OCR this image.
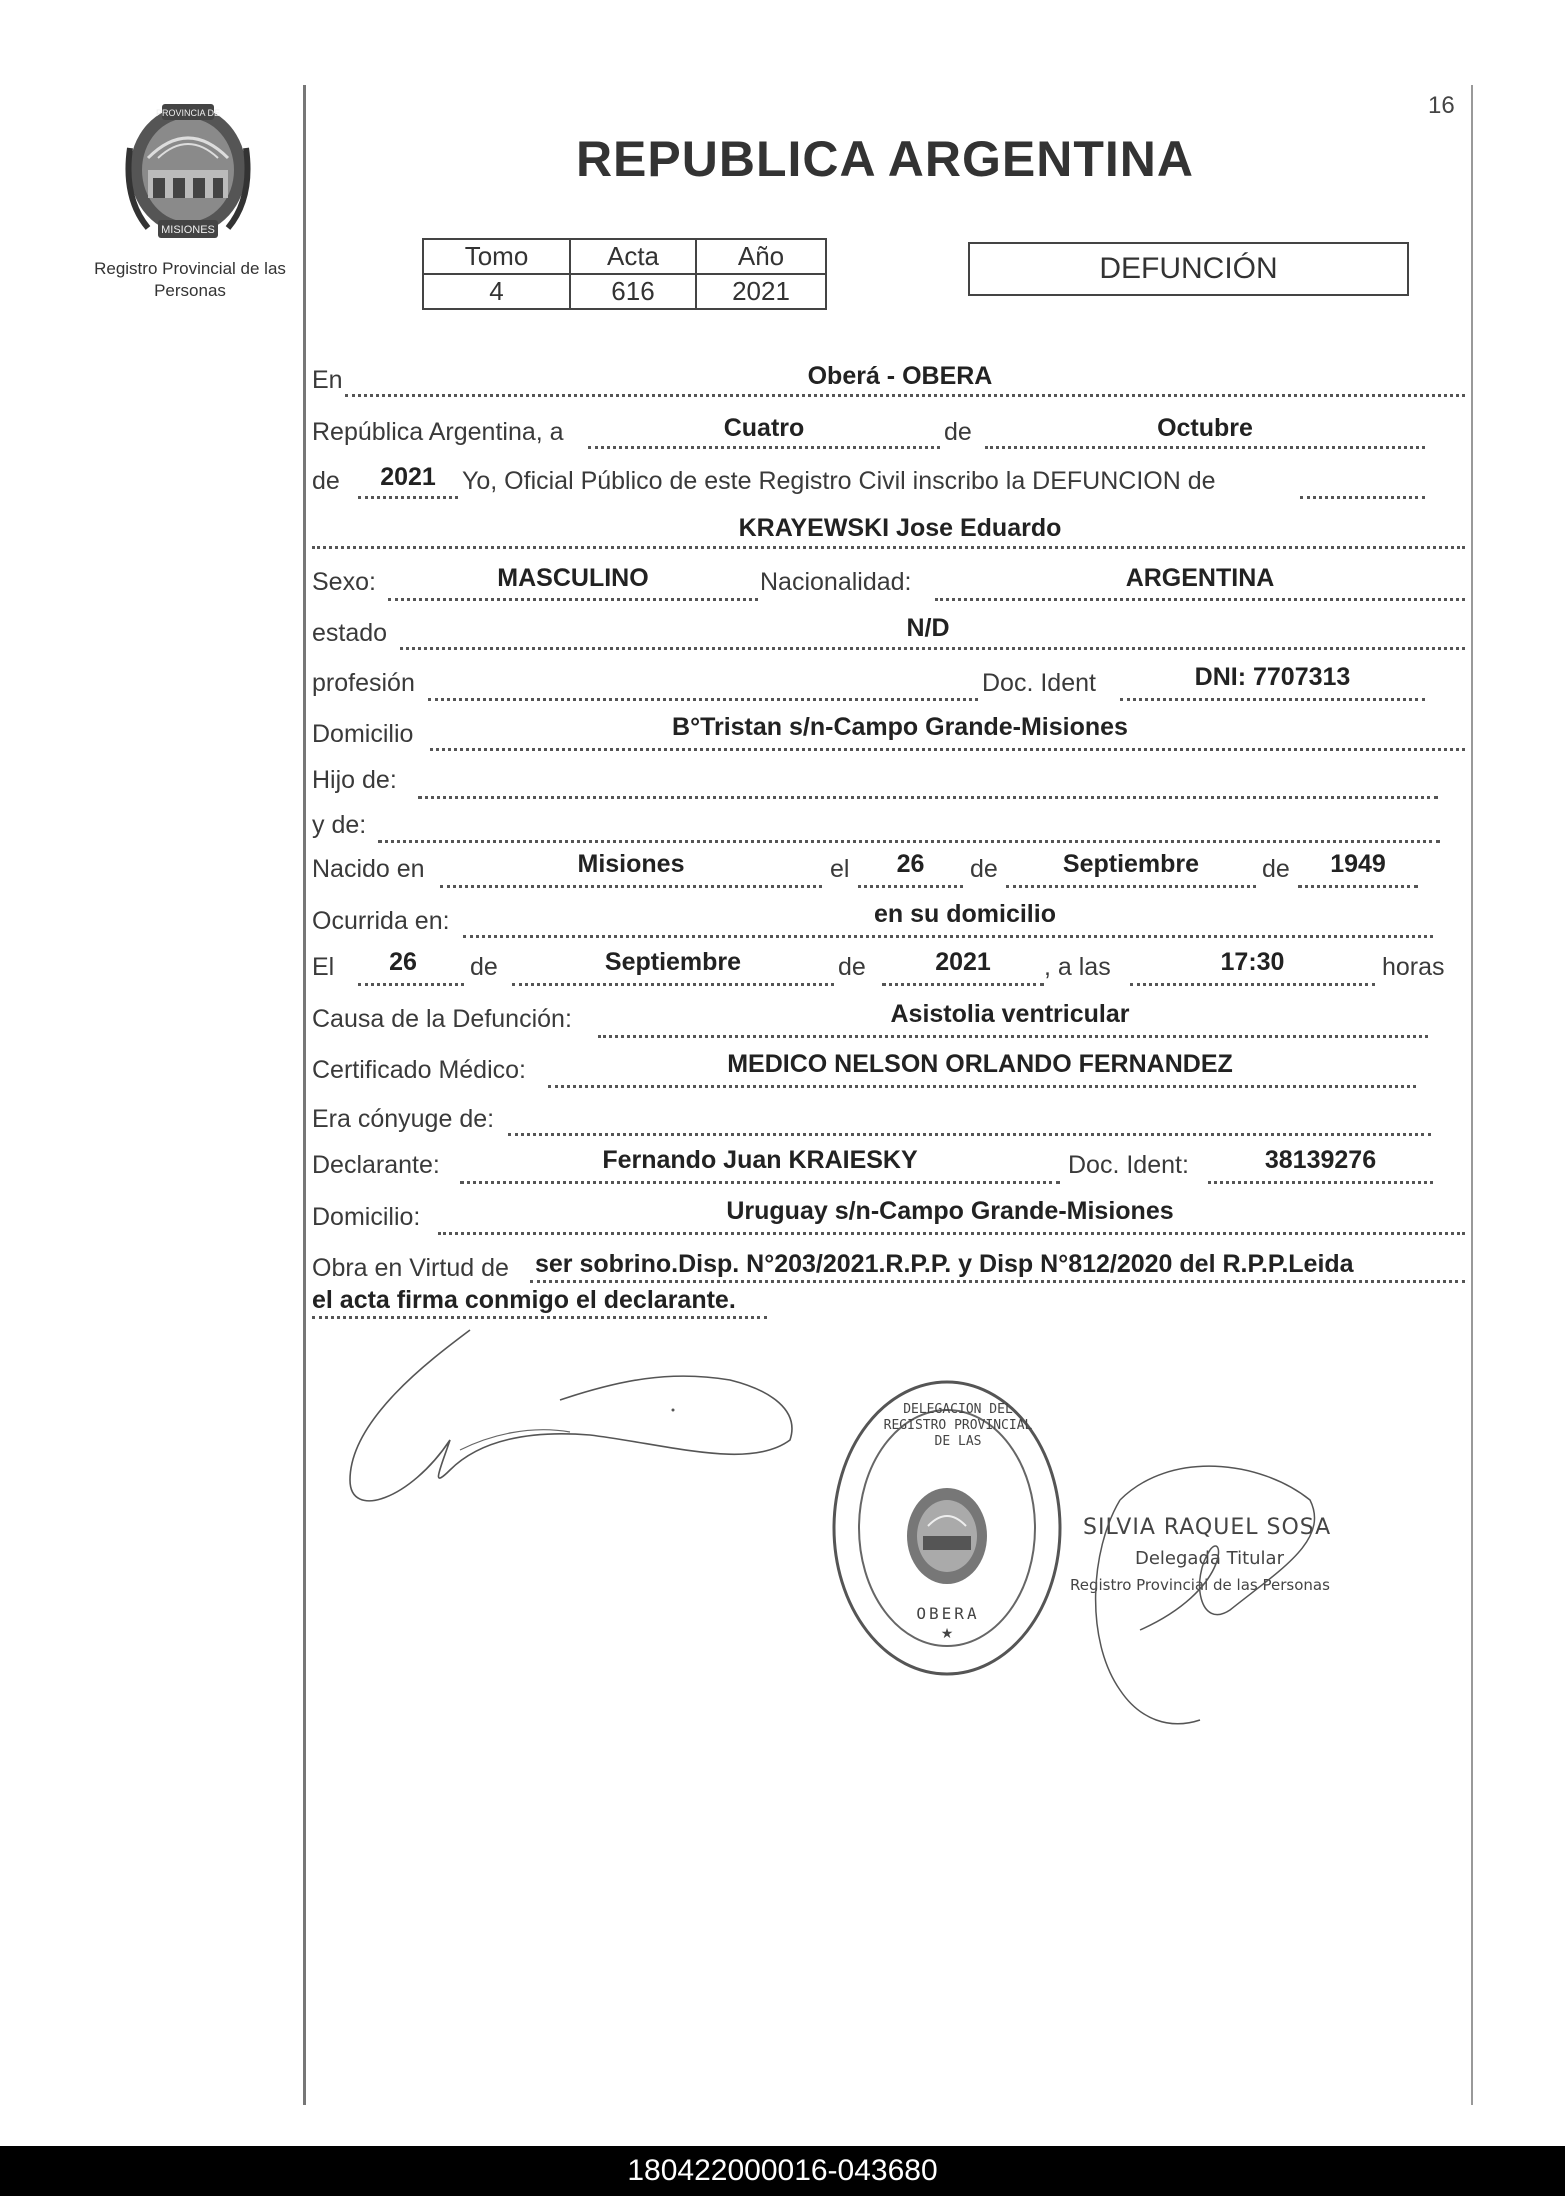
16
PROVINCIA DE
MISIONES
Registro Provincial de las Personas
REPUBLICA ARGENTINA
Tomo	Acta	Año
4	616	2021
DEFUNCIÓN
En	Oberá - OBERA
República Argentina, a	Cuatro	de	Octubre
de	2021	Yo, Oficial Público de este Registro Civil inscribo la DEFUNCION de
KRAYEWSKI Jose Eduardo
Sexo:	MASCULINO	Nacionalidad:	ARGENTINA
estado	N/D
profesión	Doc. Ident	DNI: 7707313
Domicilio	B°Tristan s/n-Campo Grande-Misiones
Hijo de:
y de:
Nacido en	Misiones	el	26	de	Septiembre	de	1949
Ocurrida en:	en su domicilio
El	26	de	Septiembre	de	2021	, a las	17:30	horas
Causa de la Defunción:	Asistolia ventricular
Certificado Médico:	MEDICO NELSON ORLANDO FERNANDEZ
Era cónyuge de:
Declarante:	Fernando Juan KRAIESKY	Doc. Ident:	38139276
Domicilio:	Uruguay s/n-Campo Grande-Misiones
Obra en Virtud de ser sobrino.Disp. N°203/2021.R.P.P. y Disp N°812/2020 del R.P.P.Leida
el acta firma conmigo el declarante.
★
DELEGACION DEL REGISTRO PROVINCIAL DE LAS
OBERA
SILVIA RAQUEL SOSA
Delegada Titular
Registro Provincial de las Personas
180422000016-043680
